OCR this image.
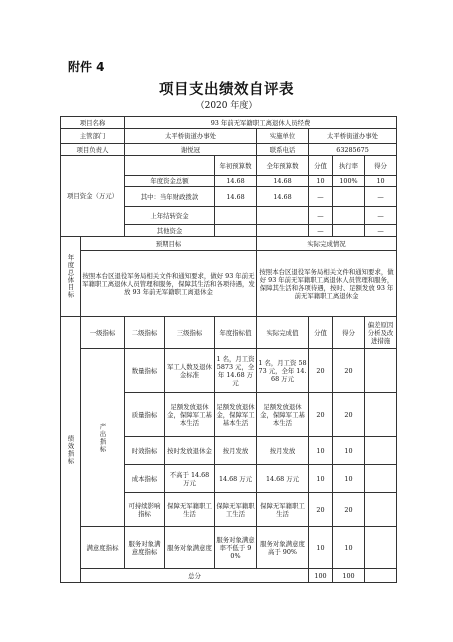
附件 4
项目支出绩效自评表
（2020 年度）
项目名称		93 年前无军籍职工离退休人员经费						
主管部门		太平桥街道办事处			实施单位	太平桥街道办事处		
项目负责人		谢悦冠			联系电话	63285675		
项目资金（万元）				年初预算数	全年预算数	分值	执行率	得分
		年度资金总额		14.68	14.68	10	100%	10
		其中：当年财政拨款		14.68	14.68	—		—
		上年结转资金				—		—
		其他资金				—		—
年度总体目标	预期目标				实际完成情况			
	按照本台区退役军务局相关文件和通知要求，做好 93 年前无军籍职工离退休人员管理和服务，保障其生活和各项待遇，发放 93 年前无军籍职工离退休金				按照本台区退役军务局相关文件和通知要求，做好 93 年前无军籍职工离退休人员管理和服务，保障其生活和各项待遇，按时、足额发放 93 年前无军籍职工离退休金			
绩效指标	一级指标	二级指标	三级指标	年度指标值	实际完成值	分值	得分	偏差原因分析及改进措施
	产出指标	数量指标	军工人数及退休金标准	1 名，月工资 5873 元，全年 14.68 万元	1 名，月工资 5873 元，全年 14.68 万元	20	20	
		质量指标	足额发放退休金，保障军工基本生活	足额发放退休金，保障军工基本生活	足额发放退休金，保障军工基本生活	20	20	
		时效指标	按时发放退休金	按月发放	按月发放	10	10	
		成本指标	不高于 14.68 万元	14.68 万元	14.68 万元	10	10	
		可持续影响指标	保障无军籍职工生活	保障无军籍职工生活	保障无军籍职工生活	20	20	
	满意度指标	服务对象满意度指标	服务对象满意度	服务对象满意率不低于 90%	服务对象满意度高于 90%	10	10	
	总分					100	100	
